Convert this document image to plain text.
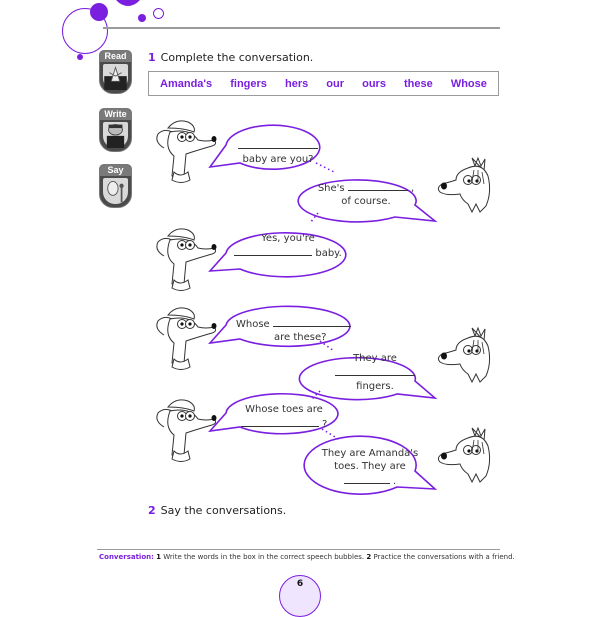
Read
Write
Say
1 Complete the conversation.
Amanda's fingers hers our ours these Whose

baby are you?
She's	,
of course.
Yes, you're
baby.
Whose
are these?
They are

fingers.
Whose toes are
?
They are Amanda's
toes. They are
.
2 Say the conversations.
Conversation: 1 Write the words in the box in the correct speech bubbles. 2 Practice the conversations with a friend.
6
